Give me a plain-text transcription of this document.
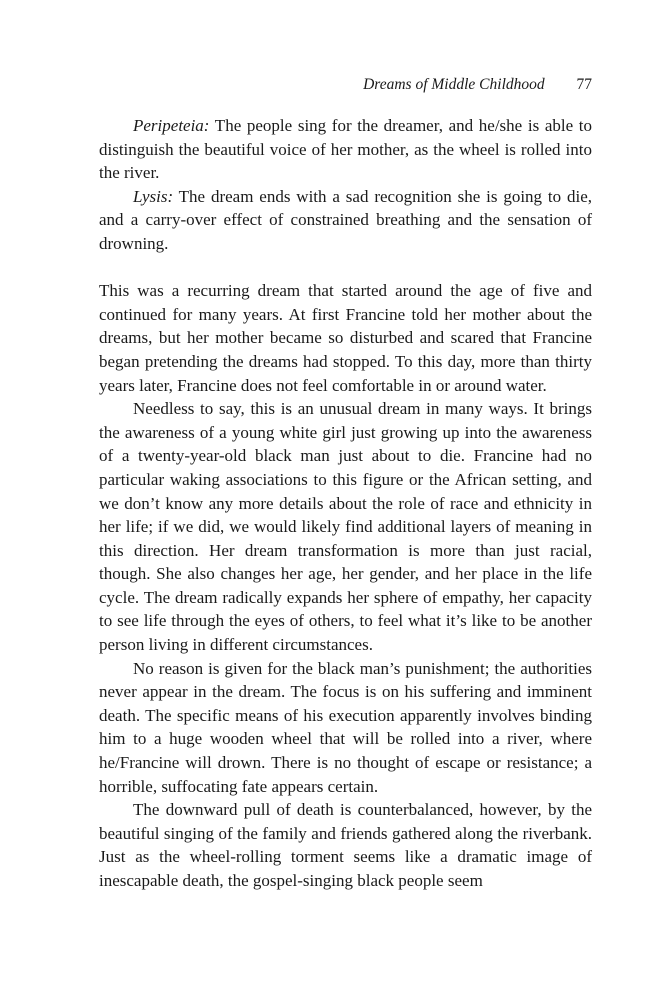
Dreams of Middle Childhood 77

Peripeteia: The people sing for the dreamer, and he/she is able to distinguish the beautiful voice of her mother, as the wheel is rolled into the river.

Lysis: The dream ends with a sad recognition she is going to die, and a carry-over effect of constrained breathing and the sensation of drowning.

This was a recurring dream that started around the age of five and continued for many years. At first Francine told her mother about the dreams, but her mother became so disturbed and scared that Francine began pretending the dreams had stopped. To this day, more than thirty years later, Francine does not feel comfortable in or around water.

Needless to say, this is an unusual dream in many ways. It brings the awareness of a young white girl just growing up into the awareness of a twenty-year-old black man just about to die. Francine had no particular waking associations to this figure or the African setting, and we don’t know any more details about the role of race and ethnicity in her life; if we did, we would likely find additional layers of meaning in this direction. Her dream transformation is more than just racial, though. She also changes her age, her gender, and her place in the life cycle. The dream radically expands her sphere of empathy, her capacity to see life through the eyes of others, to feel what it’s like to be another person living in different circumstances.

No reason is given for the black man’s punishment; the authorities never appear in the dream. The focus is on his suffering and imminent death. The specific means of his execution apparently involves binding him to a huge wooden wheel that will be rolled into a river, where he/Francine will drown. There is no thought of escape or resistance; a horrible, suffocating fate appears certain.

The downward pull of death is counterbalanced, however, by the beautiful singing of the family and friends gathered along the riverbank. Just as the wheel-rolling torment seems like a dramatic image of inescapable death, the gospel-singing black people seem
